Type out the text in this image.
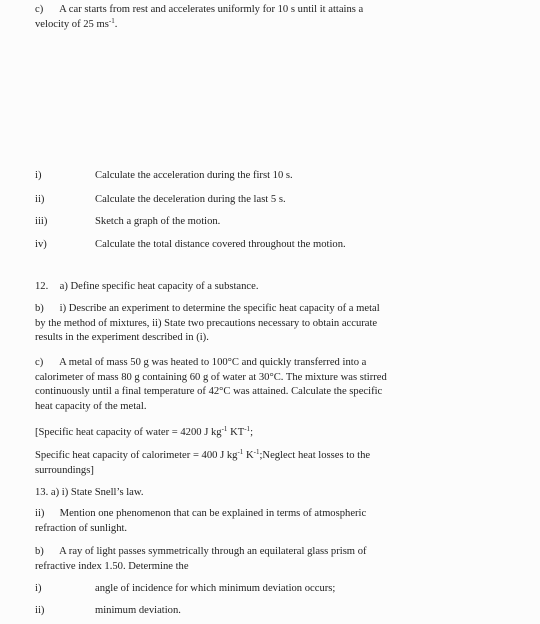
c) A car starts from rest and accelerates uniformly for 10 s until it attains a
velocity of 25 $ms^{-1}$.
i)	Calculate the acceleration during the first 10 s.
ii)	Calculate the deceleration during the last 5 s.
iii)	Sketch a graph of the motion.
iv)	Calculate the total distance covered throughout the motion.
12. a) Define specific heat capacity of a substance.
b) i) Describe an experiment to determine the specific heat capacity of a metal
by the method of mixtures, ii) State two precautions necessary to obtain accurate
results in the experiment described in (i).
c) A metal of mass 50 g was heated to 100°C and quickly transferred into a
calorimeter of mass 80 g containing 60 g of water at 30°C. The mixture was stirred
continuously until a final temperature of 42°C was attained. Calculate the specific
heat capacity of the metal.
[Specific heat capacity of water = 4200 J $kg^{-1}$ $KT^{-1}$;
Specific heat capacity of calorimeter = 400 J $kg^{-1}$ $K^{-1};Neglect$ heat losses to the
surroundings]
13. a) i) State Snell’s law.
ii) Mention one phenomenon that can be explained in terms of atmospheric
refraction of sunlight.
b) A ray of light passes symmetrically through an equilateral glass prism of
refractive index 1.50. Determine the
i)	angle of incidence for which minimum deviation occurs;
ii)	minimum deviation.
